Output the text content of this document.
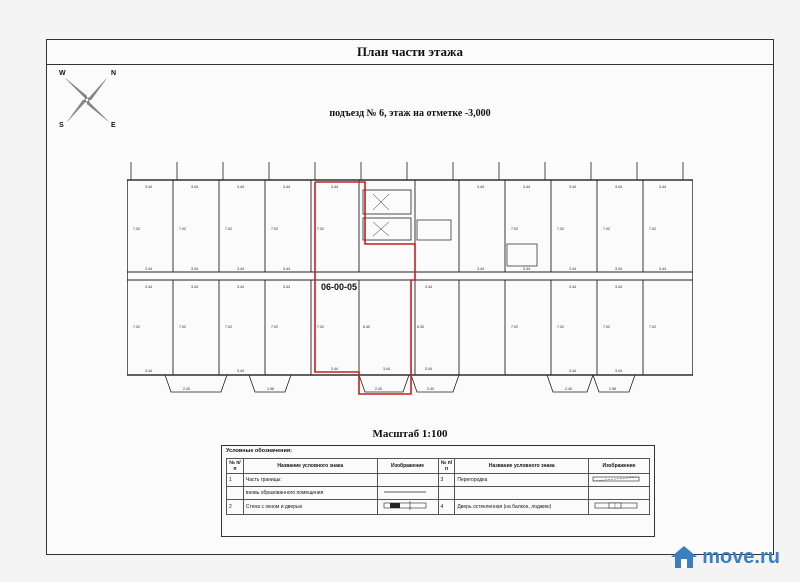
План части этажа
W	N
S	E
подъезд № 6, этаж на отметке -3,000
3.44	3.44	3.44	3.44	3.44	3.44	3.44	3.44	3.44	3.44
3.44	3.44	3.44	3.44	3.44	3.44	3.44	3.44	3.44
3.44	3.44	3.44	3.44	3.44	3.44	3.44
3.44	3.44	3.44	3.44	3.44	3.44	3.44
7.02	7.02	7.02	7.02	7.02	7.02	7.02	7.02	7.02
7.02	7.02	7.02	7.02	7.02	7.02	7.02	7.02	7.02
6.30	6.30
2.40	1.96	2.40	2.40	2.40	1.96
06-00-05
Масштаб 1:100
Условные обозначения:
№ п/п	Название условного знака	Изображение	№ п/п	Название условного знака	Изображение
1	Часть границы:		3	Перегородка	
	вновь образованного помещения				
2	Стена с окном и дверью		4	Дверь остекленная (на балкон, лоджию)	
move.ru
